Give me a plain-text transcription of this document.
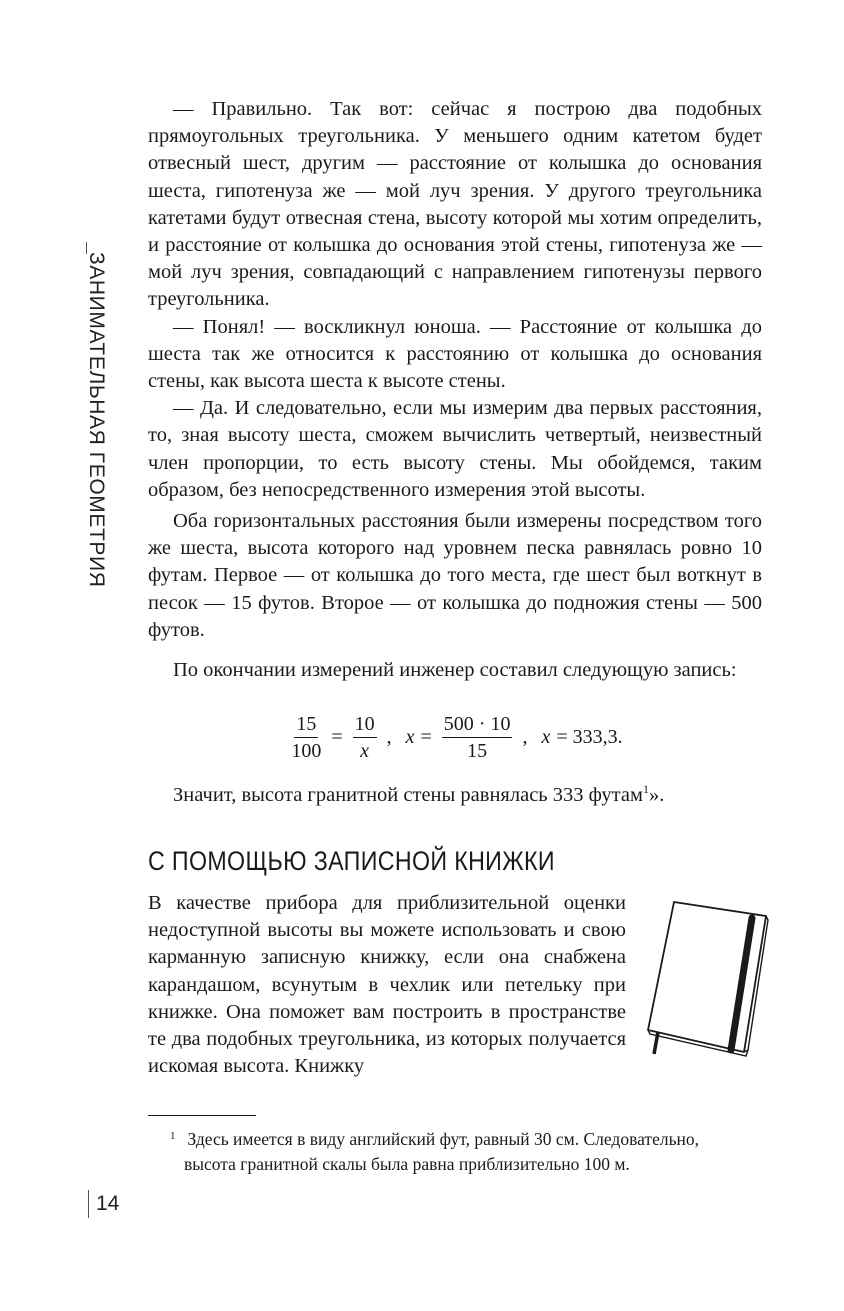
ЗАНИМАТЕЛЬНАЯ ГЕОМЕТРИЯ

— Правильно. Так вот: сейчас я построю два подобных прямоугольных треугольника. У меньшего одним катетом будет отвесный шест, другим — расстояние от колышка до основания шеста, гипотенуза же — мой луч зрения. У другого треугольника катетами будут отвесная стена, высоту которой мы хотим определить, и расстояние от колышка до основания этой стены, гипотенуза же — мой луч зрения, совпадающий с направлением гипотенузы первого треугольника.

— Понял! — воскликнул юноша. — Расстояние от колышка до шеста так же относится к расстоянию от колышка до основания стены, как высота шеста к высоте стены.

— Да. И следовательно, если мы измерим два первых расстояния, то, зная высоту шеста, сможем вычислить четвертый, неизвестный член пропорции, то есть высоту стены. Мы обойдемся, таким образом, без непосредственного измерения этой высоты.

Оба горизонтальных расстояния были измерены посредством того же шеста, высота которого над уровнем песка равнялась ровно 10 футам. Первое — от колышка до того места, где шест был воткнут в песок — 15 футов. Второе — от колышка до подножия стены — 500 футов.

По окончании измерений инженер составил следующую запись:

$\frac{15}{100} = \frac{10}{x}$ , $x = \frac{500 \cdot 10}{15}$ , x = 333,3.

Значит, высота гранитной стены равнялась 333 футам$^1$».

С ПОМОЩЬЮ ЗАПИСНОЙ КНИЖКИ

В качестве прибора для приблизительной оценки недоступной высоты вы можете использовать и свою карманную записную книжку, если она снабжена карандашом, всунутым в чехлик или петельку при книжке. Она поможет вам построить в пространстве те два подобных треугольника, из которых получается искомая высота. Книжку

$^1$ Здесь имеется в виду английский фут, равный 30 см. Следовательно,
высота гранитной скалы была равна приблизительно 100 м.
14
